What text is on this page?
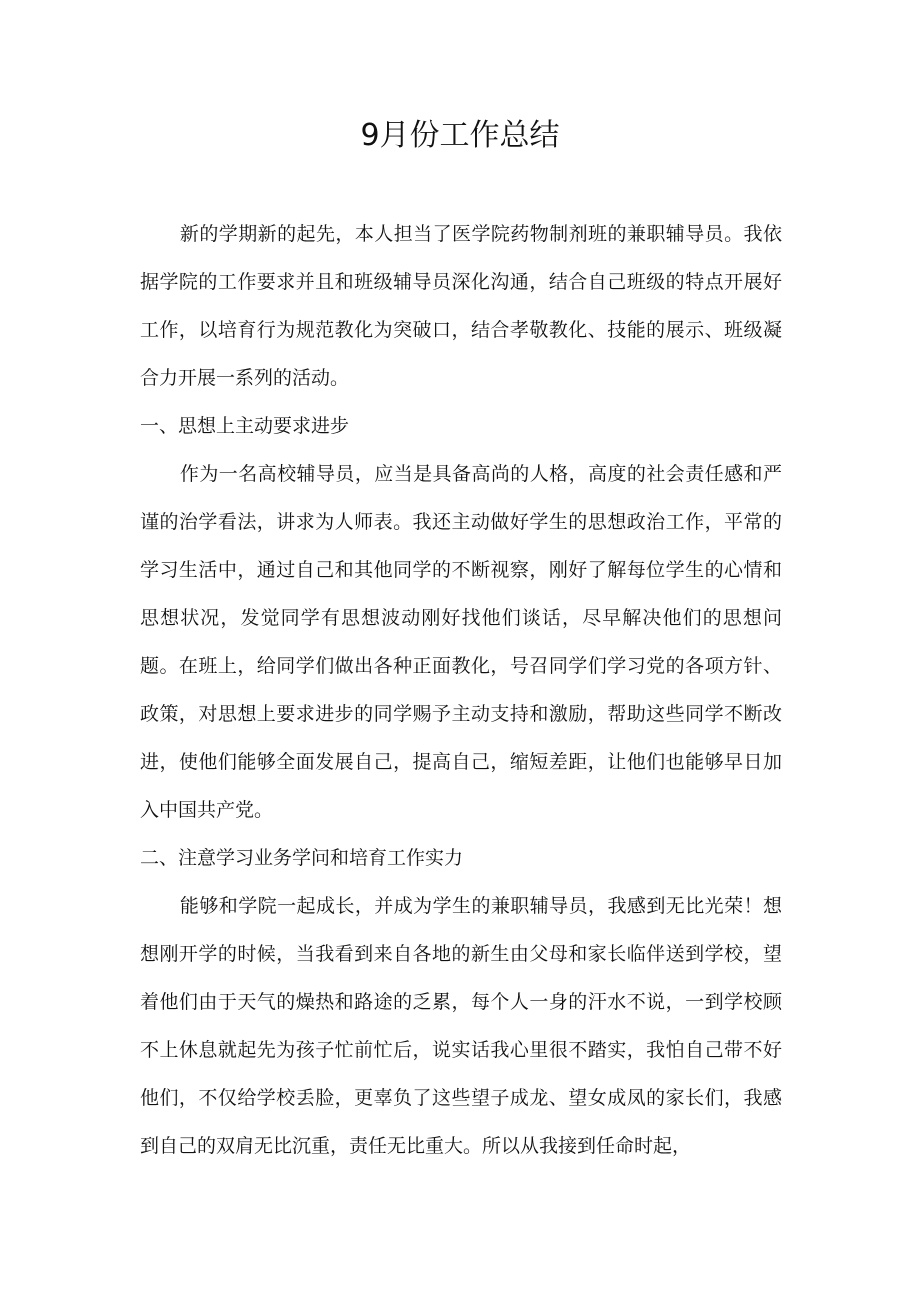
9月份工作总结

新的学期新的起先，本人担当了医学院药物制剂班的兼职辅导员。我依据学院的工作要求并且和班级辅导员深化沟通，结合自己班级的特点开展好工作，以培育行为规范教化为突破口，结合孝敬教化、技能的展示、班级凝合力开展一系列的活动。

一、思想上主动要求进步

作为一名高校辅导员，应当是具备高尚的人格，高度的社会责任感和严谨的治学看法，讲求为人师表。我还主动做好学生的思想政治工作，平常的学习生活中，通过自己和其他同学的不断视察，刚好了解每位学生的心情和思想状况，发觉同学有思想波动刚好找他们谈话，尽早解决他们的思想问题。在班上，给同学们做出各种正面教化，号召同学们学习党的各项方针、政策，对思想上要求进步的同学赐予主动支持和激励，帮助这些同学不断改进，使他们能够全面发展自己，提高自己，缩短差距，让他们也能够早日加入中国共产党。

二、注意学习业务学问和培育工作实力

能够和学院一起成长，并成为学生的兼职辅导员，我感到无比光荣！想想刚开学的时候，当我看到来自各地的新生由父母和家长临伴送到学校，望着他们由于天气的燥热和路途的乏累，每个人一身的汗水不说，一到学校顾不上休息就起先为孩子忙前忙后，说实话我心里很不踏实，我怕自己带不好他们，不仅给学校丢脸，更辜负了这些望子成龙、望女成凤的家长们，我感到自己的双肩无比沉重，责任无比重大。所以从我接到任命时起，
